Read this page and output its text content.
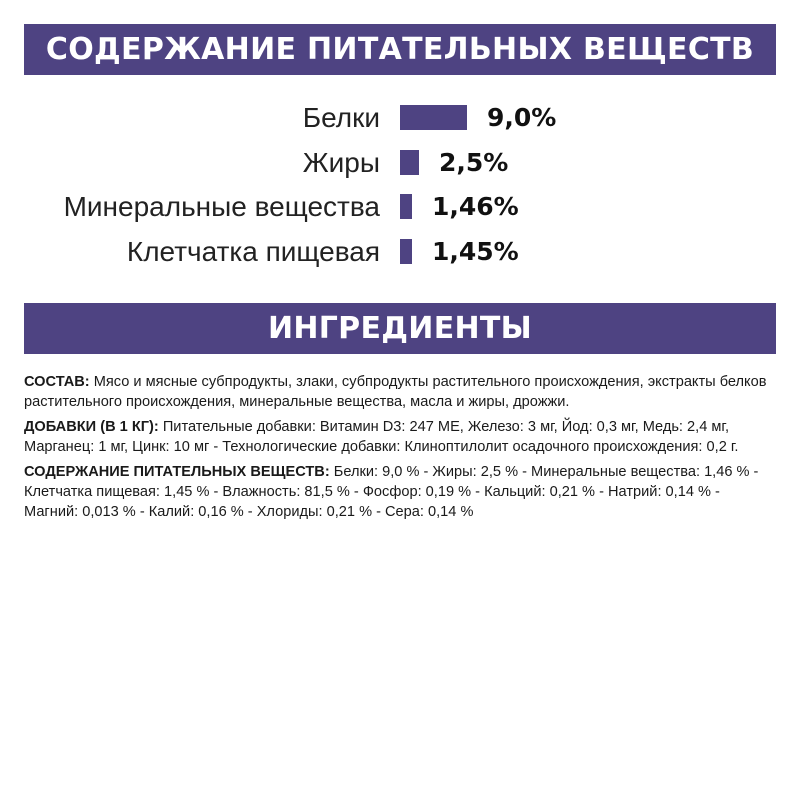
СОДЕРЖАНИЕ ПИТАТЕЛЬНЫХ ВЕЩЕСТВ
Белки	9,0%
Жиры 2,5%
Минеральные вещества 1,46%
Клетчатка пищевая 1,45%
ИНГРЕДИЕНТЫ

СОСТАВ: Мясо и мясные субпродукты, злаки, субпродукты растительного происхождения, экстракты белков растительного происхождения, минеральные вещества, масла и жиры, дрожжи.

ДОБАВКИ (В 1 КГ): Питательные добавки: Витамин D3: 247 МЕ, Железо: 3 мг, Йод: 0,3 мг, Медь: 2,4 мг, Марганец: 1 мг, Цинк: 10 мг - Технологические добавки: Клиноптилолит осадочного происхождения: 0,2 г.

СОДЕРЖАНИЕ ПИТАТЕЛЬНЫХ ВЕЩЕСТВ: Белки: 9,0 % - Жиры: 2,5 % - Минеральные вещества: 1,46 % - Клетчатка пищевая: 1,45 % - Влажность: 81,5 % - Фосфор: 0,19 % - Кальций: 0,21 % - Натрий: 0,14 % - Магний: 0,013 % - Калий: 0,16 % - Хлориды: 0,21 % - Сера: 0,14 %
